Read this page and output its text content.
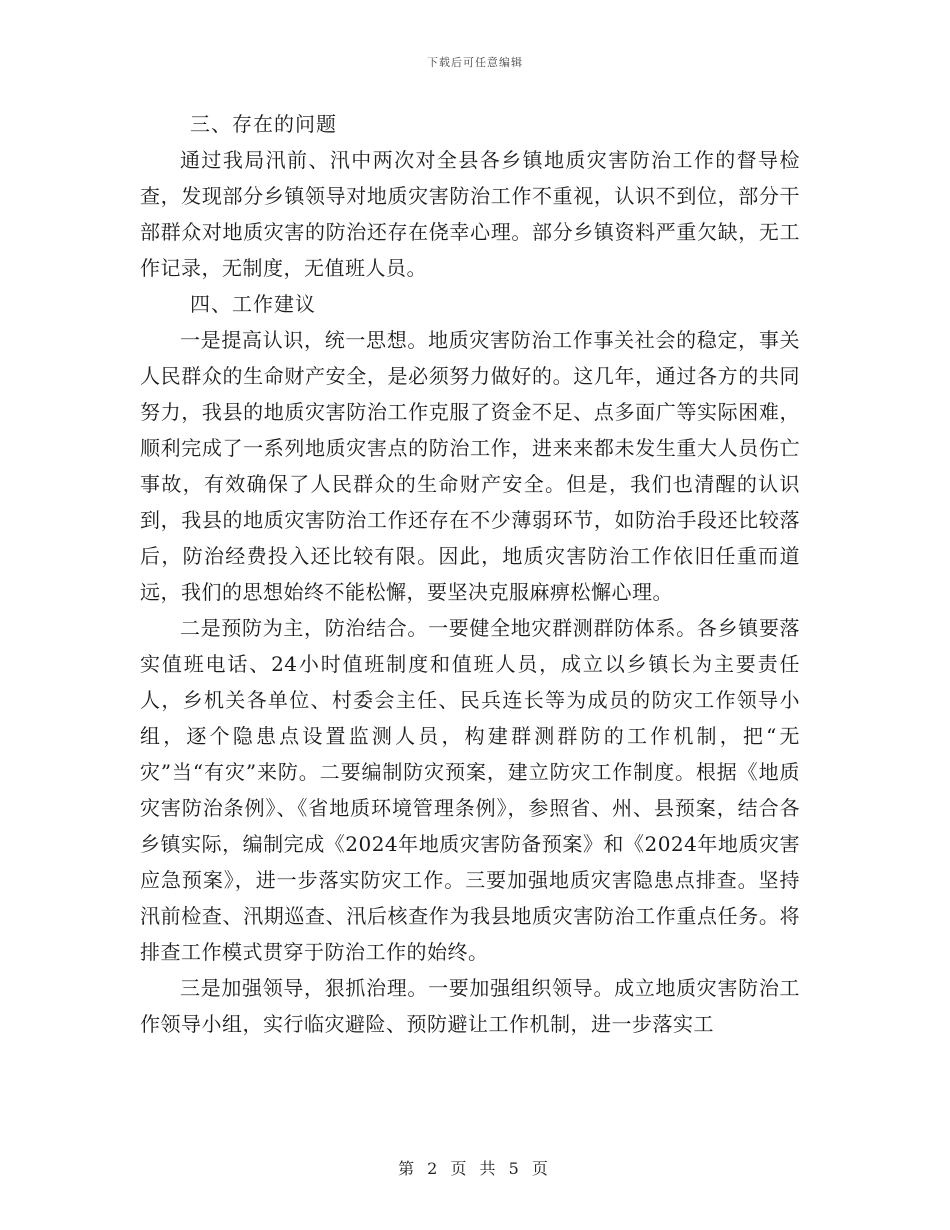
下载后可任意编辑

三、存在的问题

通过我局汛前、汛中两次对全县各乡镇地质灾害防治工作的督导检查，发现部分乡镇领导对地质灾害防治工作不重视，认识不到位，部分干部群众对地质灾害的防治还存在侥幸心理。部分乡镇资料严重欠缺，无工作记录，无制度，无值班人员。

四、工作建议

一是提高认识，统一思想。地质灾害防治工作事关社会的稳定，事关人民群众的生命财产安全，是必须努力做好的。这几年，通过各方的共同努力，我县的地质灾害防治工作克服了资金不足、点多面广等实际困难，顺利完成了一系列地质灾害点的防治工作，进来来都未发生重大人员伤亡事故，有效确保了人民群众的生命财产安全。但是，我们也清醒的认识到，我县的地质灾害防治工作还存在不少薄弱环节，如防治手段还比较落后，防治经费投入还比较有限。因此，地质灾害防治工作依旧任重而道远，我们的思想始终不能松懈，要坚决克服麻痹松懈心理。

二是预防为主，防治结合。一要健全地灾群测群防体系。各乡镇要落实值班电话、24小时值班制度和值班人员，成立以乡镇长为主要责任人，乡机关各单位、村委会主任、民兵连长等为成员的防灾工作领导小组，逐个隐患点设置监测人员，构建群测群防的工作机制，把“无灾”当“有灾”来防。二要编制防灾预案，建立防灾工作制度。根据《地质灾害防治条例》、《省地质环境管理条例》，参照省、州、县预案，结合各乡镇实际，编制完成《2024年地质灾害防备预案》和《2024年地质灾害应急预案》，进一步落实防灾工作。三要加强地质灾害隐患点排查。坚持汛前检查、汛期巡查、汛后核查作为我县地质灾害防治工作重点任务。将排查工作模式贯穿于防治工作的始终。

三是加强领导，狠抓治理。一要加强组织领导。成立地质灾害防治工作领导小组，实行临灾避险、预防避让工作机制，进一步落实工

第 2 页 共 5 页
